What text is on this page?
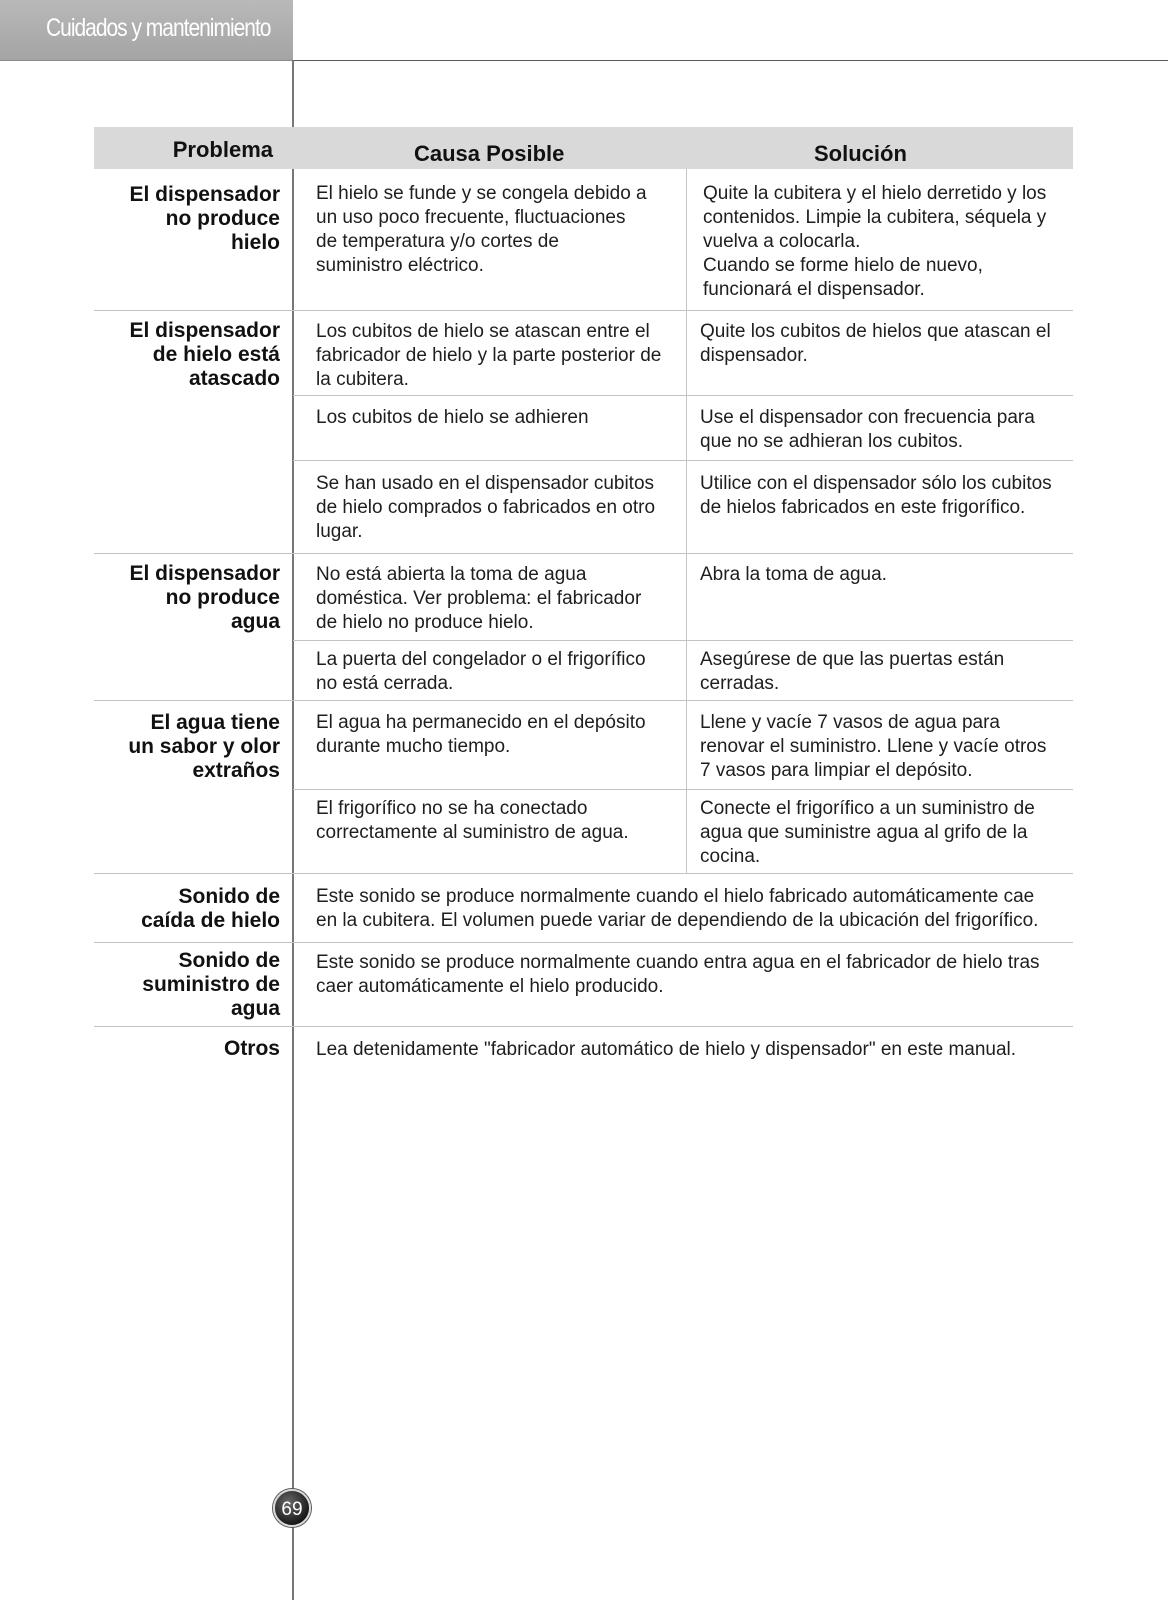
Cuidados y mantenimiento
Problema	Causa Posible	Solución
El dispensador
no produce
hielo
El dispensador
de hielo está
atascado
El dispensador
no produce
agua
El agua tiene
un sabor y olor
extraños
Sonido de
caída de hielo
Sonido de
suministro de
agua
Otros
El hielo se funde y se congela debido a
un uso poco frecuente, fluctuaciones
de temperatura y/o cortes de
suministro eléctrico.
Los cubitos de hielo se atascan entre el
fabricador de hielo y la parte posterior de
la cubitera.
Los cubitos de hielo se adhieren
Se han usado en el dispensador cubitos
de hielo comprados o fabricados en otro
lugar.
No está abierta la toma de agua
doméstica. Ver problema: el fabricador
de hielo no produce hielo.
La puerta del congelador o el frigorífico
no está cerrada.
El agua ha permanecido en el depósito
durante mucho tiempo.
El frigorífico no se ha conectado
correctamente al suministro de agua.
Quite la cubitera y el hielo derretido y los
contenidos. Limpie la cubitera, séquela y
vuelva a colocarla.
Cuando se forme hielo de nuevo,
funcionará el dispensador.
Quite los cubitos de hielos que atascan el
dispensador.
Use el dispensador con frecuencia para
que no se adhieran los cubitos.
Utilice con el dispensador sólo los cubitos
de hielos fabricados en este frigorífico.
Abra la toma de agua.
Asegúrese de que las puertas están
cerradas.
Llene y vacíe 7 vasos de agua para
renovar el suministro. Llene y vacíe otros
7 vasos para limpiar el depósito.
Conecte el frigorífico a un suministro de
agua que suministre agua al grifo de la
cocina.
Este sonido se produce normalmente cuando el hielo fabricado automáticamente cae
en la cubitera. El volumen puede variar de dependiendo de la ubicación del frigorífico.
Este sonido se produce normalmente cuando entra agua en el fabricador de hielo tras
caer automáticamente el hielo producido.
Lea detenidamente "fabricador automático de hielo y dispensador" en este manual.
69
